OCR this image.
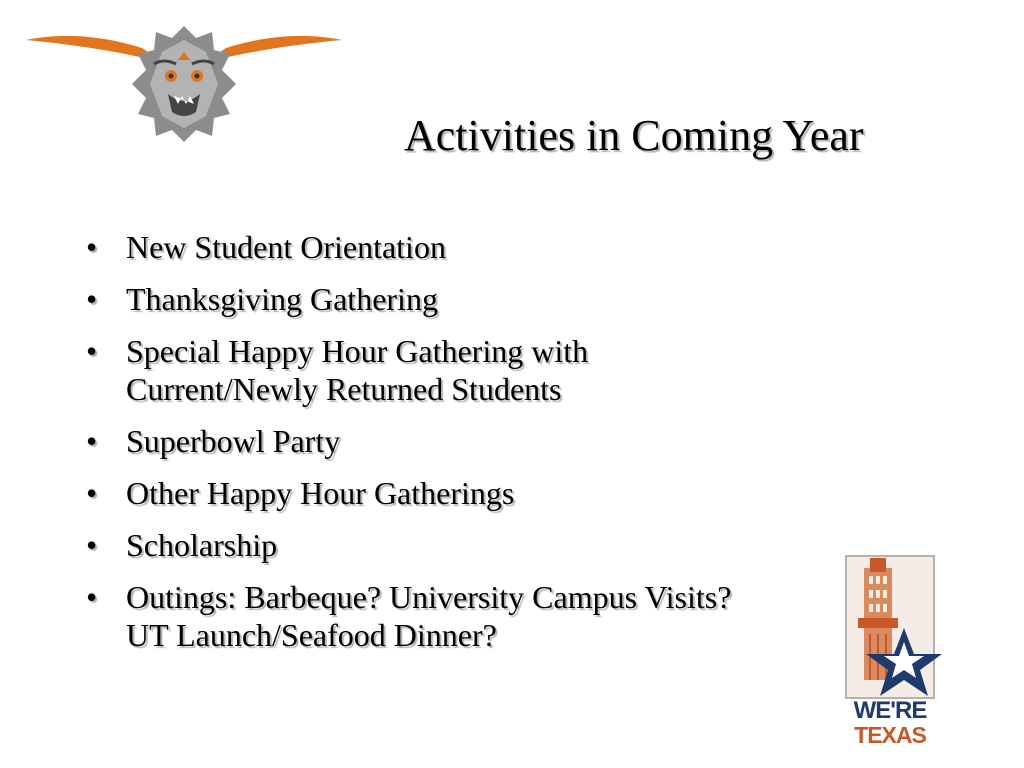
Activities in Coming Year
• New Student Orientation
• Thanksgiving Gathering
• Special Happy Hour Gathering with
Current/Newly Returned Students
• Superbowl Party
• Other Happy Hour Gatherings
• Scholarship
• Outings: Barbeque? University Campus Visits?
UT Launch/Seafood Dinner?
WE'RE
TEXAS
